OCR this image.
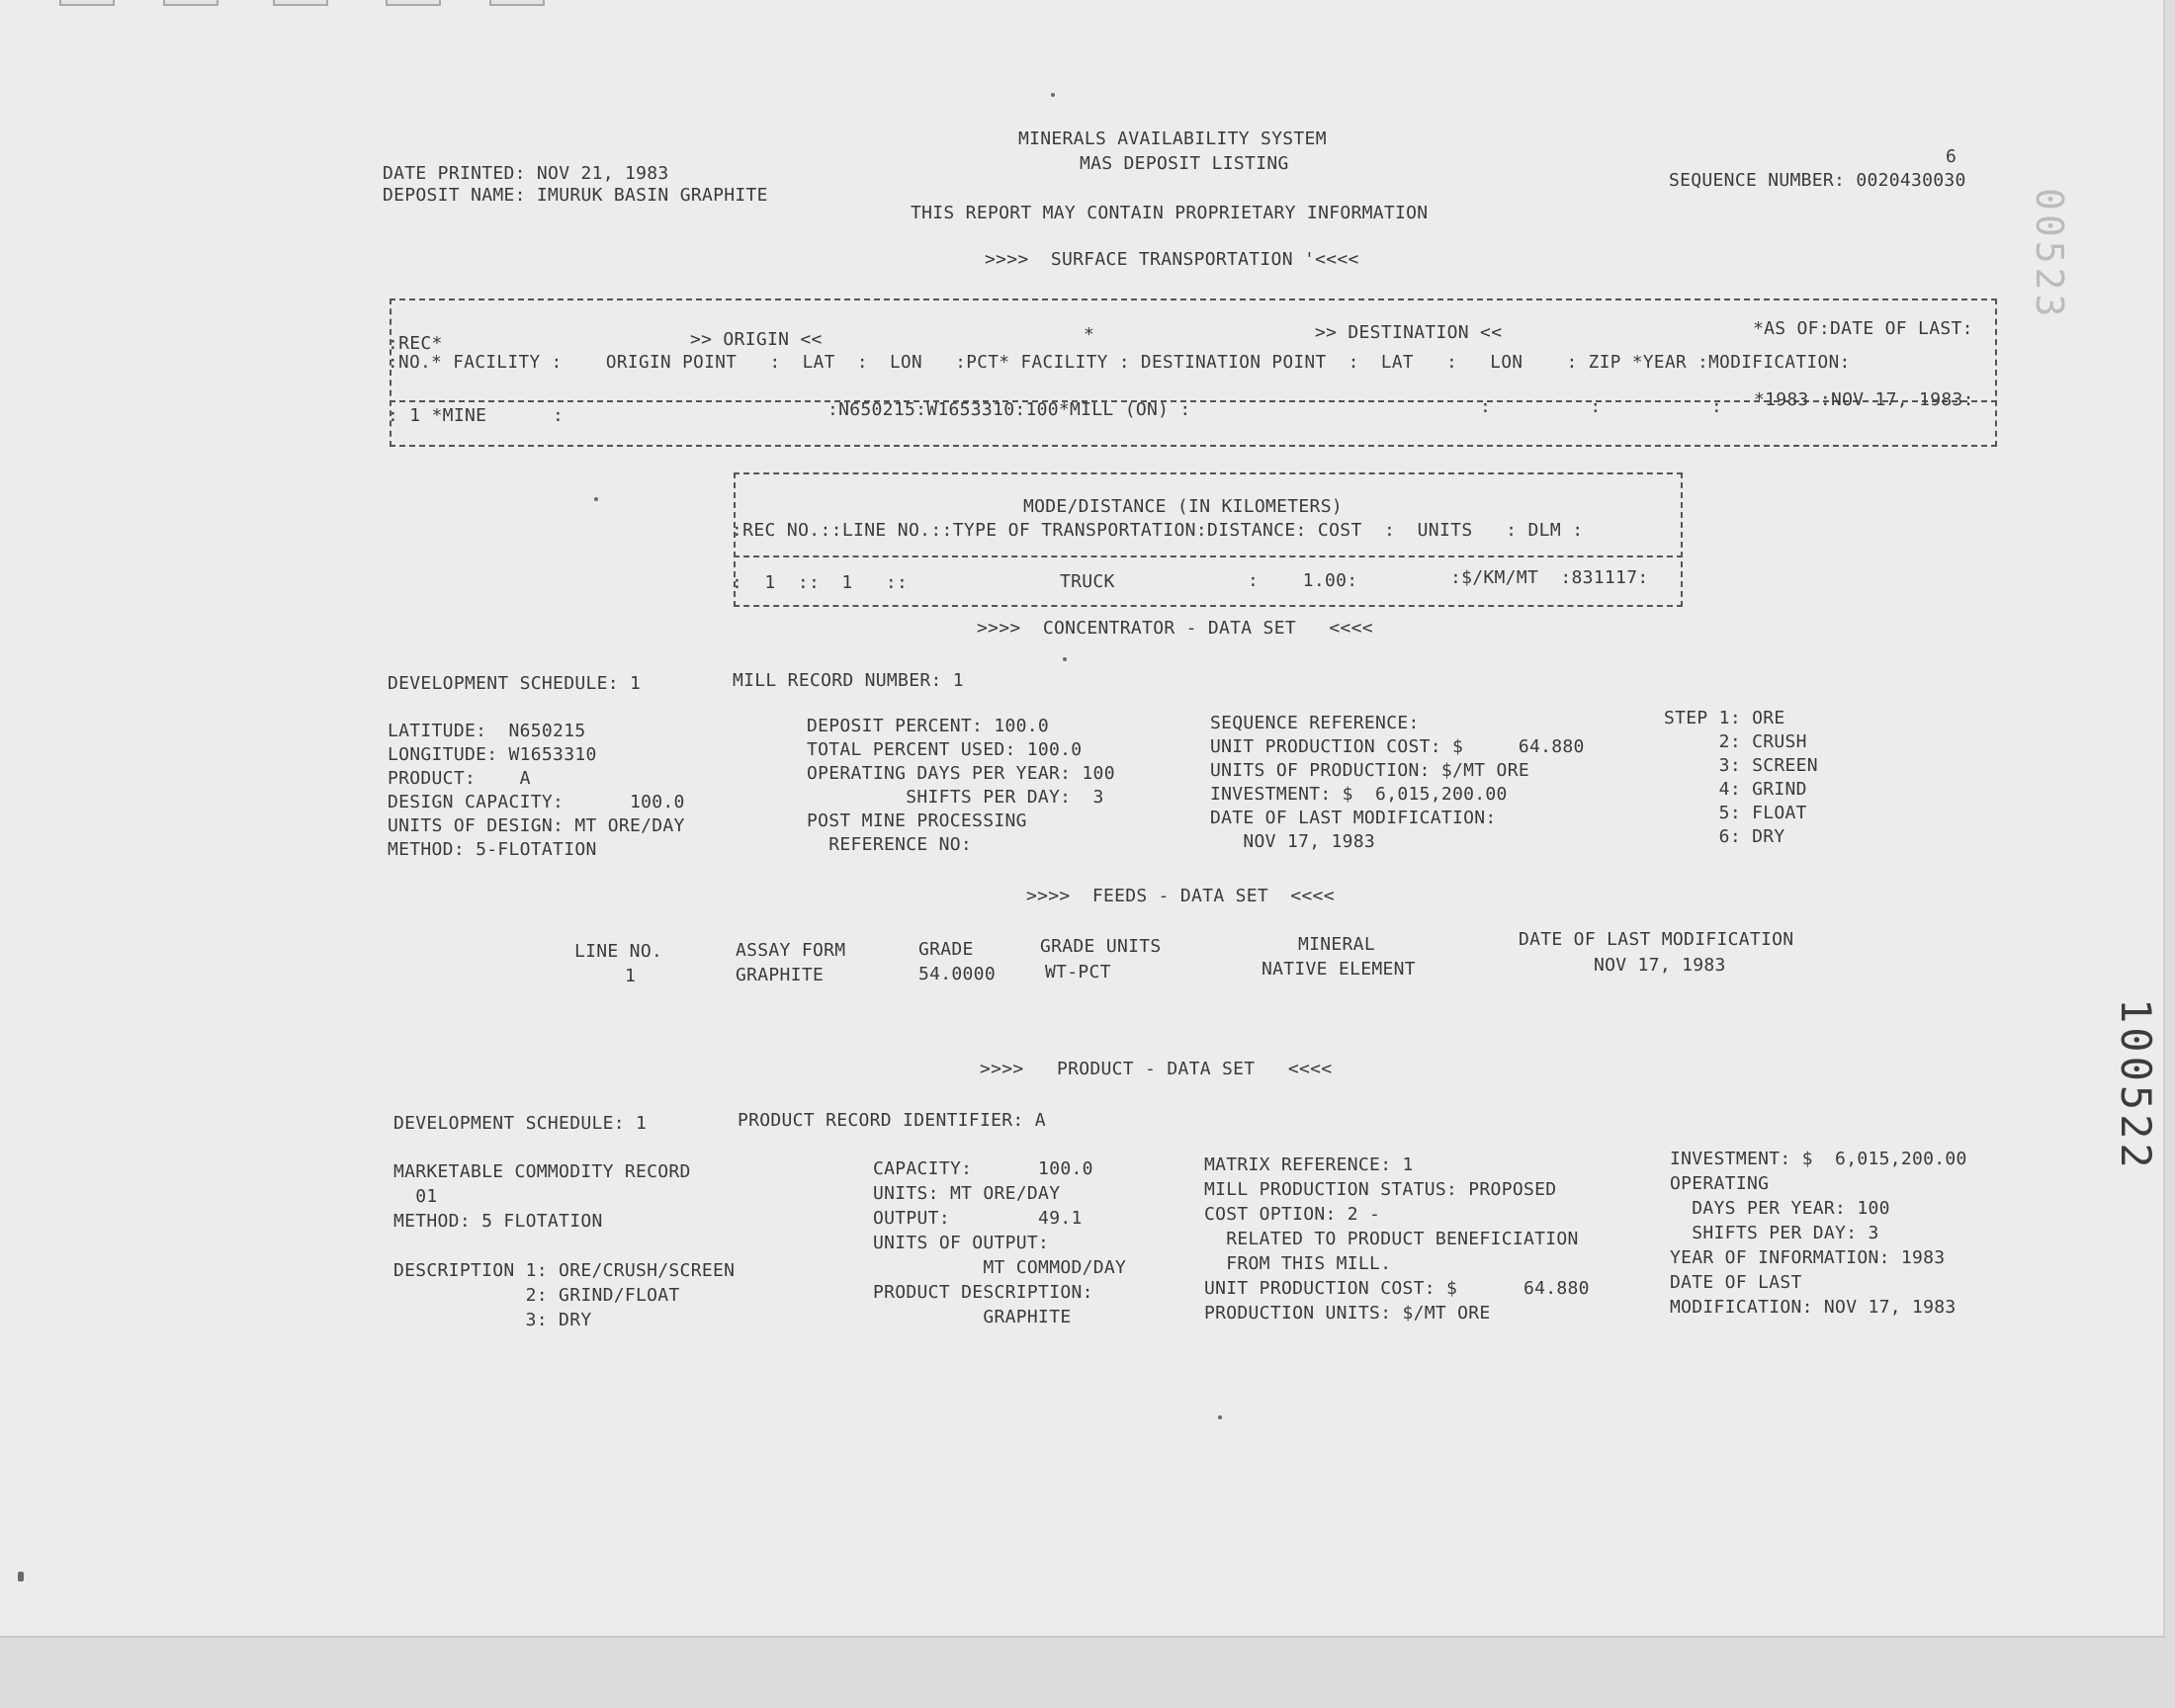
MINERALS AVAILABILITY SYSTEM
MAS DEPOSIT LISTING
DATE PRINTED: NOV 21, 1983
DEPOSIT NAME: IMURUK BASIN GRAPHITE
6
SEQUENCE NUMBER: 0020430030
THIS REPORT MAY CONTAIN PROPRIETARY INFORMATION
>>>>  SURFACE TRANSPORTATION '<<<<
:REC*	>> ORIGIN <<	*	>> DESTINATION <<	*AS OF:DATE OF LAST:
:NO.* FACILITY :    ORIGIN POINT   :  LAT  :  LON   :PCT* FACILITY : DESTINATION POINT  :  LAT   :   LON    : ZIP *YEAR :MODIFICATION:
: 1 *MINE      :	:N650215:W1653310:100*MILL (ON) :	:         :          : *1983 :NOV 17, 1983:
MODE/DISTANCE (IN KILOMETERS)
:REC NO.::LINE NO.::TYPE OF TRANSPORTATION:DISTANCE: COST  :  UNITS   : DLM :
:  1  ::  1   ::	TRUCK	:    1.00:	:$/KM/MT  :831117:
>>>>  CONCENTRATOR - DATA SET   <<<<
DEVELOPMENT SCHEDULE: 1	MILL RECORD NUMBER: 1
LATITUDE:  N650215
LONGITUDE: W1653310
PRODUCT:    A
DESIGN CAPACITY:      100.0
UNITS OF DESIGN: MT ORE/DAY
METHOD: 5-FLOTATION
DEPOSIT PERCENT: 100.0
TOTAL PERCENT USED: 100.0
OPERATING DAYS PER YEAR: 100
SHIFTS PER DAY:  3
POST MINE PROCESSING
REFERENCE NO:
SEQUENCE REFERENCE:
UNIT PRODUCTION COST: $     64.880
UNITS OF PRODUCTION: $/MT ORE
INVESTMENT: $  6,015,200.00
DATE OF LAST MODIFICATION:
NOV 17, 1983
STEP 1: ORE
2: CRUSH
3: SCREEN
4: GRIND
5: FLOAT
6: DRY
>>>>  FEEDS - DATA SET  <<<<
LINE NO.	ASSAY FORM	GRADE	GRADE UNITS	MINERAL	DATE OF LAST MODIFICATION
1	GRAPHITE	54.0000	WT-PCT	NATIVE ELEMENT	NOV 17, 1983
>>>>   PRODUCT - DATA SET   <<<<
DEVELOPMENT SCHEDULE: 1	PRODUCT RECORD IDENTIFIER: A
MARKETABLE COMMODITY RECORD
01
METHOD: 5 FLOTATION
DESCRIPTION 1: ORE/CRUSH/SCREEN
2: GRIND/FLOAT
3: DRY
CAPACITY:      100.0
UNITS: MT ORE/DAY
OUTPUT:        49.1
UNITS OF OUTPUT:
MT COMMOD/DAY
PRODUCT DESCRIPTION:
GRAPHITE
MATRIX REFERENCE: 1
MILL PRODUCTION STATUS: PROPOSED
COST OPTION: 2 -
RELATED TO PRODUCT BENEFICIATION
FROM THIS MILL.
UNIT PRODUCTION COST: $      64.880
PRODUCTION UNITS: $/MT ORE
INVESTMENT: $  6,015,200.00
OPERATING
DAYS PER YEAR: 100
SHIFTS PER DAY: 3
YEAR OF INFORMATION: 1983
DATE OF LAST
MODIFICATION: NOV 17, 1983
100522
00523
